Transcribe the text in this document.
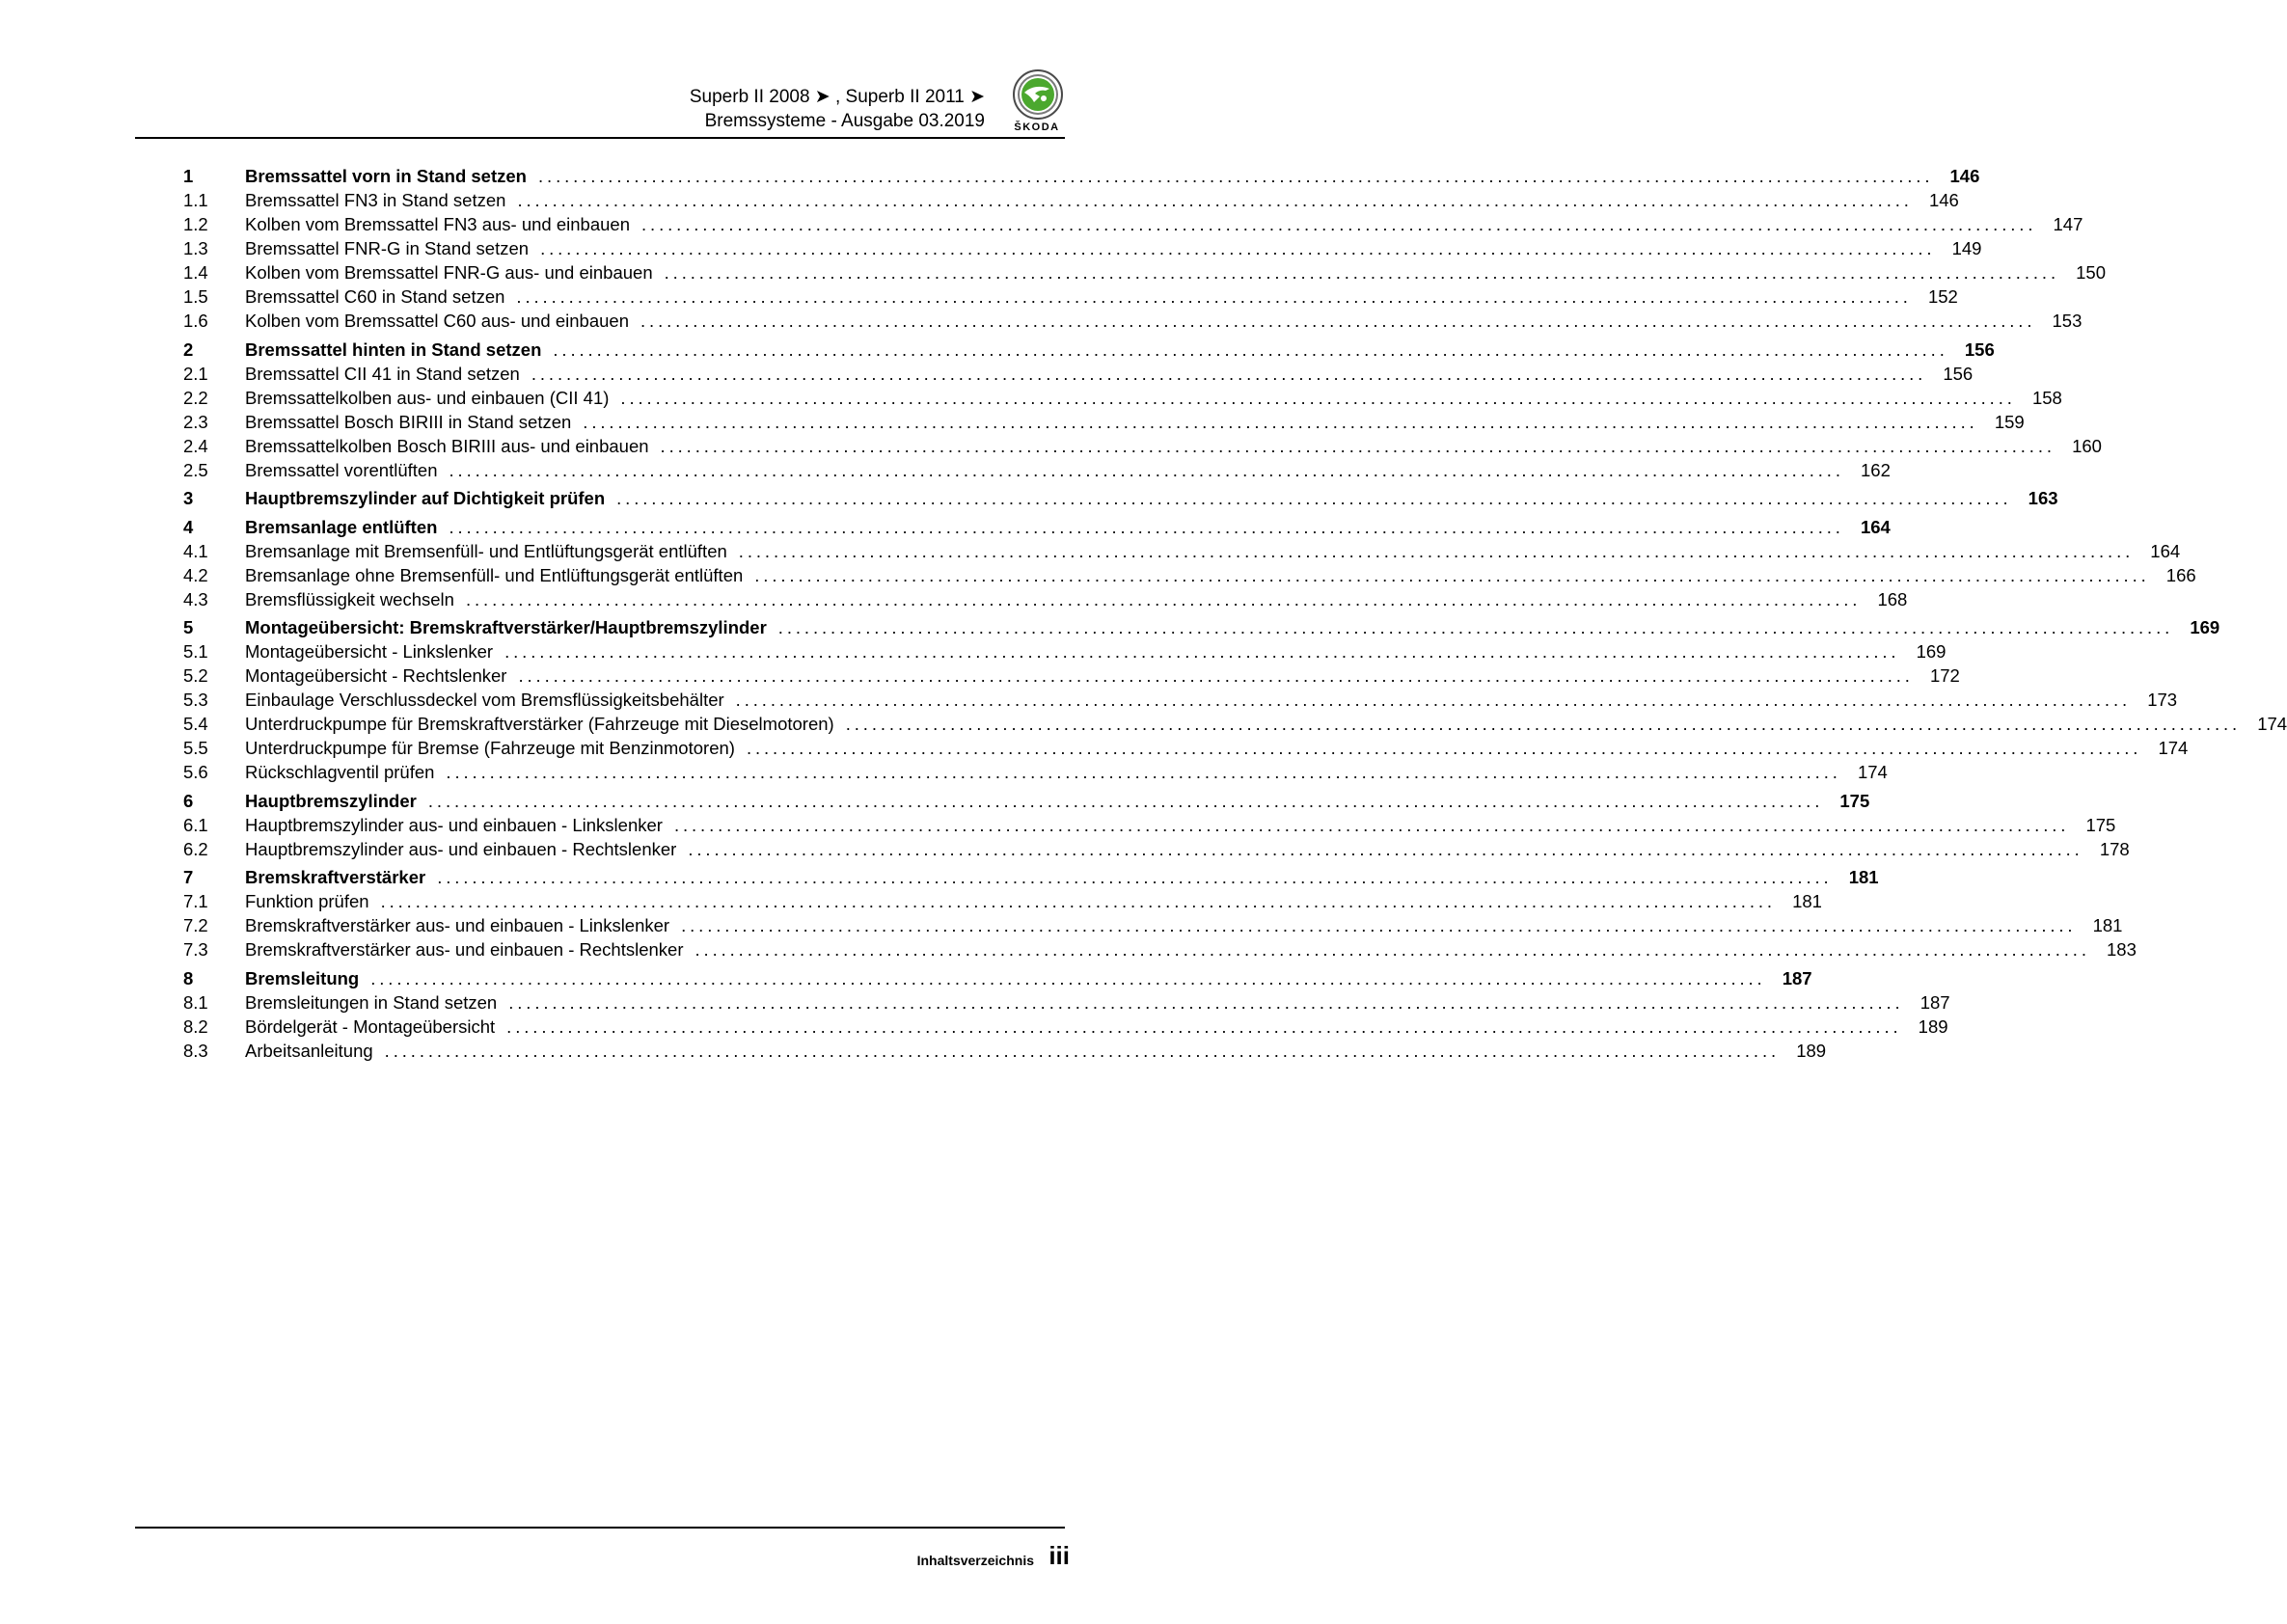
Superb II 2008 ➤ , Superb II 2011 ➤
Bremssysteme - Ausgabe 03.2019	ŠKODA
1	Bremssattel vorn in Stand setzen ................................................................................................................................................................ 146
1.1	Bremssattel FN3 in Stand setzen ................................................................................................................................................................ 146
1.2	Kolben vom Bremssattel FN3 aus- und einbauen ................................................................................................................................................................ 147
1.3	Bremssattel FNR-G in Stand setzen ................................................................................................................................................................ 149
1.4	Kolben vom Bremssattel FNR-G aus- und einbauen ................................................................................................................................................................ 150
1.5	Bremssattel C60 in Stand setzen ................................................................................................................................................................ 152
1.6	Kolben vom Bremssattel C60 aus- und einbauen ................................................................................................................................................................ 153
2	Bremssattel hinten in Stand setzen ................................................................................................................................................................ 156
2.1	Bremssattel CII 41 in Stand setzen ................................................................................................................................................................ 156
2.2	Bremssattelkolben aus- und einbauen (CII 41) ................................................................................................................................................................ 158
2.3	Bremssattel Bosch BIRIII in Stand setzen ................................................................................................................................................................ 159
2.4	Bremssattelkolben Bosch BIRIII aus- und einbauen ................................................................................................................................................................ 160
2.5	Bremssattel vorentlüften ................................................................................................................................................................ 162
3	Hauptbremszylinder auf Dichtigkeit prüfen ................................................................................................................................................................ 163
4	Bremsanlage entlüften ................................................................................................................................................................ 164
4.1	Bremsanlage mit Bremsenfüll- und Entlüftungsgerät entlüften ................................................................................................................................................................ 164
4.2	Bremsanlage ohne Bremsenfüll- und Entlüftungsgerät entlüften ................................................................................................................................................................ 166
4.3	Bremsflüssigkeit wechseln ................................................................................................................................................................ 168
5	Montageübersicht: Bremskraftverstärker/Hauptbremszylinder ................................................................................................................................................................ 169
5.1	Montageübersicht - Linkslenker ................................................................................................................................................................ 169
5.2	Montageübersicht - Rechtslenker ................................................................................................................................................................ 172
5.3	Einbaulage Verschlussdeckel vom Bremsflüssigkeitsbehälter ................................................................................................................................................................ 173
5.4	Unterdruckpumpe für Bremskraftverstärker (Fahrzeuge mit Dieselmotoren) ................................................................................................................................................................ 174
5.5	Unterdruckpumpe für Bremse (Fahrzeuge mit Benzinmotoren) ................................................................................................................................................................ 174
5.6	Rückschlagventil prüfen ................................................................................................................................................................ 174
6	Hauptbremszylinder ................................................................................................................................................................ 175
6.1	Hauptbremszylinder aus- und einbauen - Linkslenker ................................................................................................................................................................ 175
6.2	Hauptbremszylinder aus- und einbauen - Rechtslenker ................................................................................................................................................................ 178
7	Bremskraftverstärker ................................................................................................................................................................ 181
7.1	Funktion prüfen ................................................................................................................................................................ 181
7.2	Bremskraftverstärker aus- und einbauen - Linkslenker ................................................................................................................................................................ 181
7.3	Bremskraftverstärker aus- und einbauen - Rechtslenker ................................................................................................................................................................ 183
8	Bremsleitung ................................................................................................................................................................ 187
8.1	Bremsleitungen in Stand setzen ................................................................................................................................................................ 187
8.2	Bördelgerät - Montageübersicht ................................................................................................................................................................ 189
8.3	Arbeitsanleitung ................................................................................................................................................................ 189
Inhaltsverzeichnis iii
